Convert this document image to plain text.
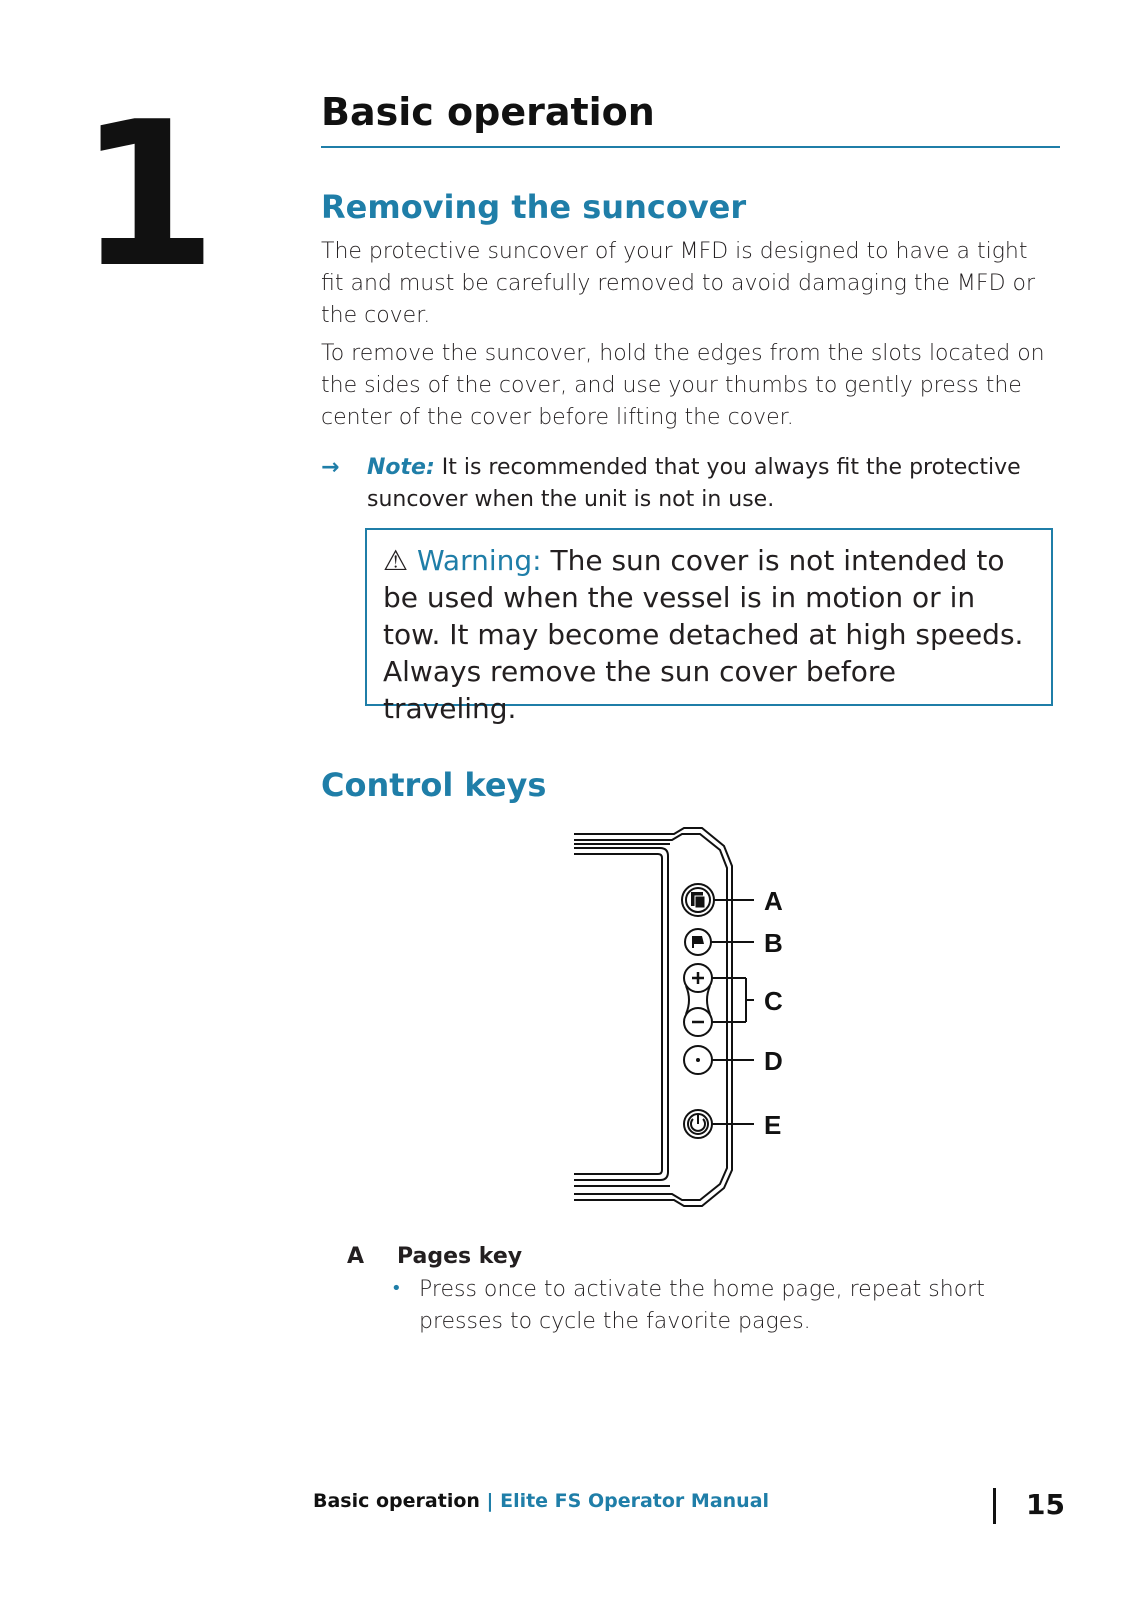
1	Basic operation
Removing the suncover
The protective suncover of your MFD is designed to have a tight fit and must be carefully removed to avoid damaging the MFD or the cover.
To remove the suncover, hold the edges from the slots located on the sides of the cover, and use your thumbs to gently press the center of the cover before lifting the cover.
→ Note: It is recommended that you always fit the protective suncover when the unit is not in use.
⚠ Warning: The sun cover is not intended to be used when the vessel is in motion or in tow. It may become detached at high speeds. Always remove the sun cover before traveling.
Control keys
A
B
C
D
E
A Pages key
• Press once to activate the home page, repeat short presses to cycle the favorite pages.
Basic operation | Elite FS Operator Manual	15
